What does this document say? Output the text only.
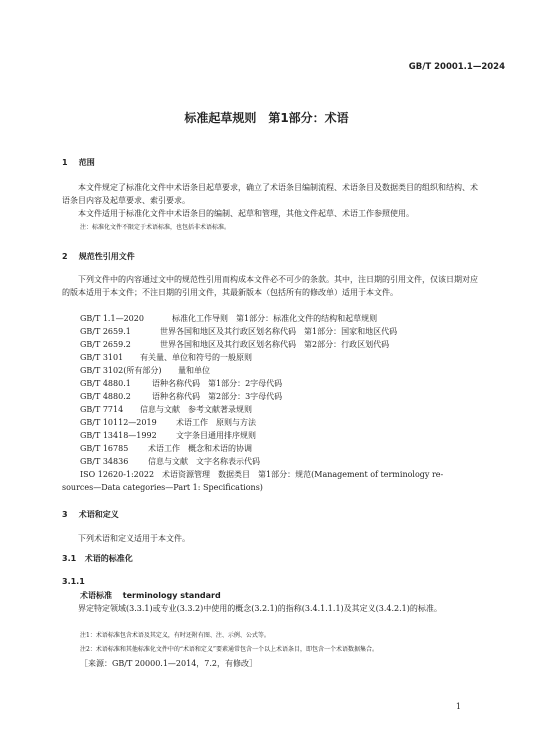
GB/T 20001.1—2024
标准起草规则　第1部分：术语
1 范围
本文件规定了标准化文件中术语条目起草要求，确立了术语条目编制流程、术语条目及数据类目的组织和结构、术语条目内容及起草要求、索引要求。
本文件适用于标准化文件中术语条目的编制、起草和管理，其他文件起草、术语工作参照使用。
注：标准化文件不限定于术语标准，也包括非术语标准。
2 规范性引用文件
下列文件中的内容通过文中的规范性引用而构成本文件必不可少的条款。其中，注日期的引用文件，仅该日期对应的版本适用于本文件；不注日期的引用文件，其最新版本（包括所有的修改单）适用于本文件。
GB/T 1.1—2020	标准化工作导则　第1部分：标准化文件的结构和起草规则
GB/T 2659.1	世界各国和地区及其行政区划名称代码　第1部分：国家和地区代码
GB/T 2659.2	世界各国和地区及其行政区划名称代码　第2部分：行政区划代码
GB/T 3101 有关量、单位和符号的一般原则
GB/T 3102(所有部分) 量和单位
GB/T 4880.1	语种名称代码　第1部分：2字母代码
GB/T 4880.2	语种名称代码　第2部分：3字母代码
GB/T 7714 信息与文献　参考文献著录规则
GB/T 10112—2019 术语工作　原则与方法
GB/T 13418—1992 文字条目通用排序规则
GB/T 16785 术语工作　概念和术语的协调
GB/T 34836 信息与文献　文字名称表示代码
ISO 12620-1:2022　术语资源管理　数据类目　第1部分：规范(Management of terminology re-
sources—Data categories—Part 1: Specifications)
3 术语和定义
下列术语和定义适用于本文件。
3.1 术语的标准化
3.1.1
术语标准 terminology standard
界定特定领域(3.3.1)或专业(3.3.2)中使用的概念(3.2.1)的指称(3.4.1.1.1)及其定义(3.4.2.1)的标准。
注1：术语标准包含术语及其定义，有时还附有图、注、示例、公式等。
注2：术语标准和其他标准化文件中的“术语和定义”要素通常包含一个以上术语条目，即包含一个术语数据集合。
［来源：GB/T 20000.1—2014，7.2，有修改］
1
